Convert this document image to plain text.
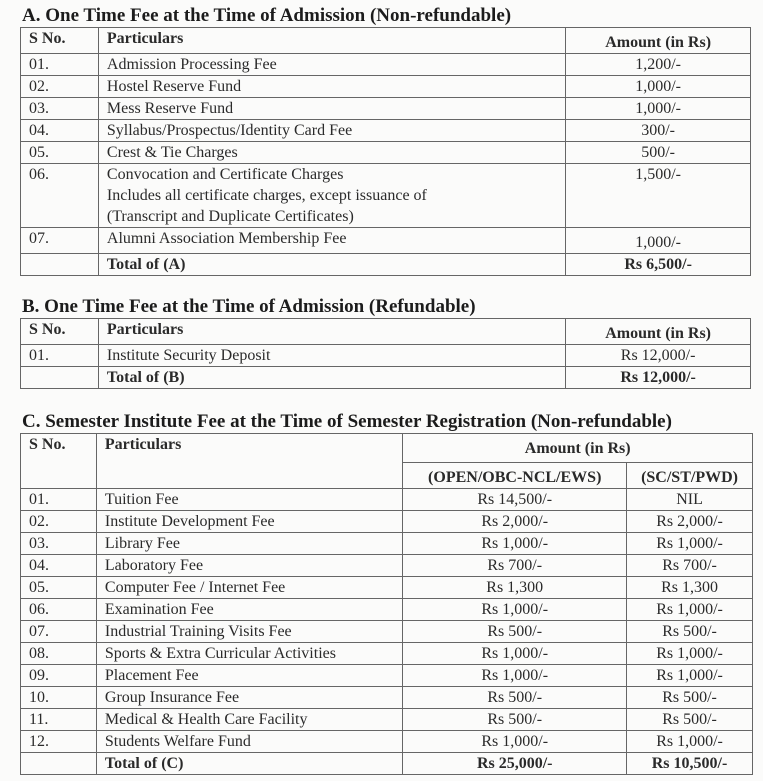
A. One Time Fee at the Time of Admission (Non-refundable)
S No.	Particulars	Amount (in Rs)
01.	Admission Processing Fee	1,200/-
02.	Hostel Reserve Fund	1,000/-
03.	Mess Reserve Fund	1,000/-
04.	Syllabus/Prospectus/Identity Card Fee	300/-
05.	Crest & Tie Charges	500/-
06.	Convocation and Certificate Charges
Includes all certificate charges, except issuance of
(Transcript and Duplicate Certificates)	1,500/-
07.	Alumni Association Membership Fee	1,000/-
	Total of (A)	Rs 6,500/-
B. One Time Fee at the Time of Admission (Refundable)
S No.	Particulars	Amount (in Rs)
01.	Institute Security Deposit	Rs 12,000/-
	Total of (B)	Rs 12,000/-
C. Semester Institute Fee at the Time of Semester Registration (Non-refundable)
S No.	Particulars	Amount (in Rs)	
		(OPEN/OBC-NCL/EWS)	(SC/ST/PWD)
01.	Tuition Fee	Rs 14,500/-	NIL
02.	Institute Development Fee	Rs 2,000/-	Rs 2,000/-
03.	Library Fee	Rs 1,000/-	Rs 1,000/-
04.	Laboratory Fee	Rs 700/-	Rs 700/-
05.	Computer Fee / Internet Fee	Rs 1,300	Rs 1,300
06.	Examination Fee	Rs 1,000/-	Rs 1,000/-
07.	Industrial Training Visits Fee	Rs 500/-	Rs 500/-
08.	Sports & Extra Curricular Activities	Rs 1,000/-	Rs 1,000/-
09.	Placement Fee	Rs 1,000/-	Rs 1,000/-
10.	Group Insurance Fee	Rs 500/-	Rs 500/-
11.	Medical & Health Care Facility	Rs 500/-	Rs 500/-
12.	Students Welfare Fund	Rs 1,000/-	Rs 1,000/-
	Total of (C)	Rs 25,000/-	Rs 10,500/-
